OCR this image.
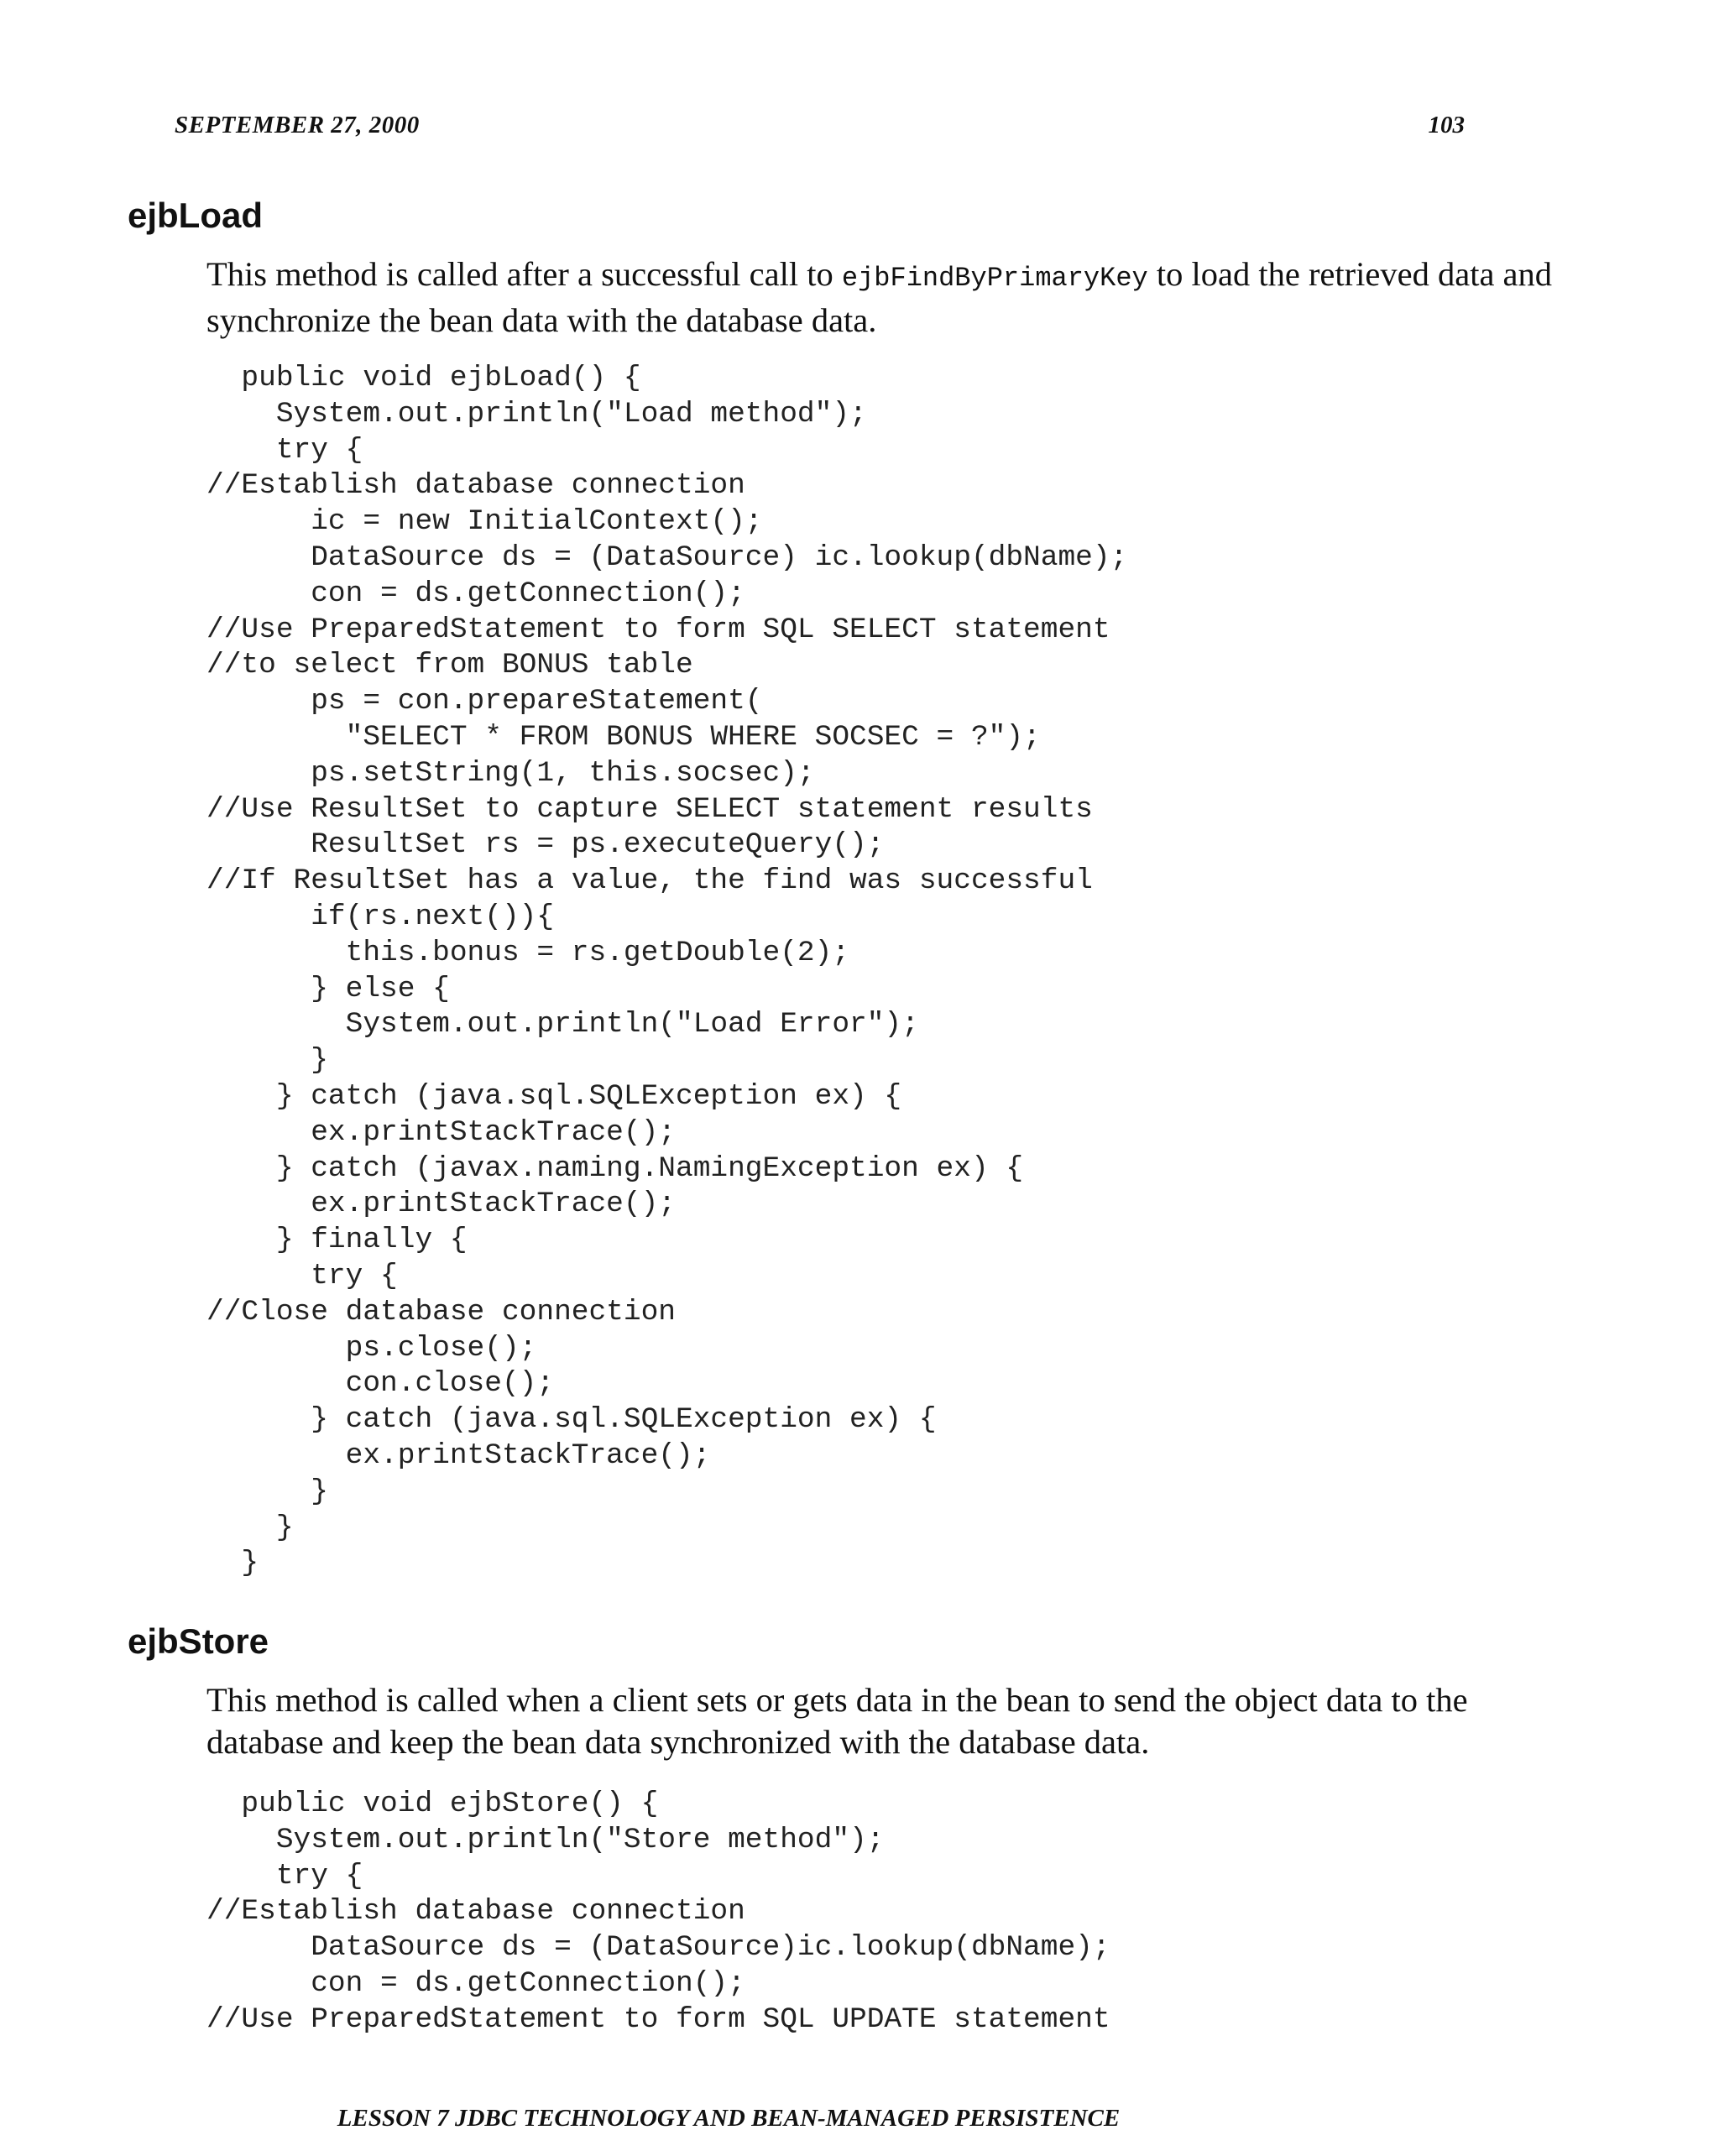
SEPTEMBER 27, 2000	103
ejbLoad

This method is called after a successful call to ejbFindByPrimaryKey to load the retrieved data and synchronize the bean data with the database data.

public void ejbLoad() {
System.out.println("Load method");
try {
//Establish database connection
ic = new InitialContext();
DataSource ds = (DataSource) ic.lookup(dbName);
con = ds.getConnection();
//Use PreparedStatement to form SQL SELECT statement
//to select from BONUS table
ps = con.prepareStatement(
"SELECT * FROM BONUS WHERE SOCSEC = ?");
ps.setString(1, this.socsec);
//Use ResultSet to capture SELECT statement results
ResultSet rs = ps.executeQuery();
//If ResultSet has a value, the find was successful
if(rs.next()){
this.bonus = rs.getDouble(2);
} else {
System.out.println("Load Error");
}
} catch (java.sql.SQLException ex) {
ex.printStackTrace();
} catch (javax.naming.NamingException ex) {
ex.printStackTrace();
} finally {
try {
//Close database connection
ps.close();
con.close();
} catch (java.sql.SQLException ex) {
ex.printStackTrace();
}
}
}
ejbStore

This method is called when a client sets or gets data in the bean to send the object data to the database and keep the bean data synchronized with the database data.

public void ejbStore() {
System.out.println("Store method");
try {
//Establish database connection
DataSource ds = (DataSource)ic.lookup(dbName);
con = ds.getConnection();
//Use PreparedStatement to form SQL UPDATE statement
LESSON 7 JDBC TECHNOLOGY AND BEAN-MANAGED PERSISTENCE
